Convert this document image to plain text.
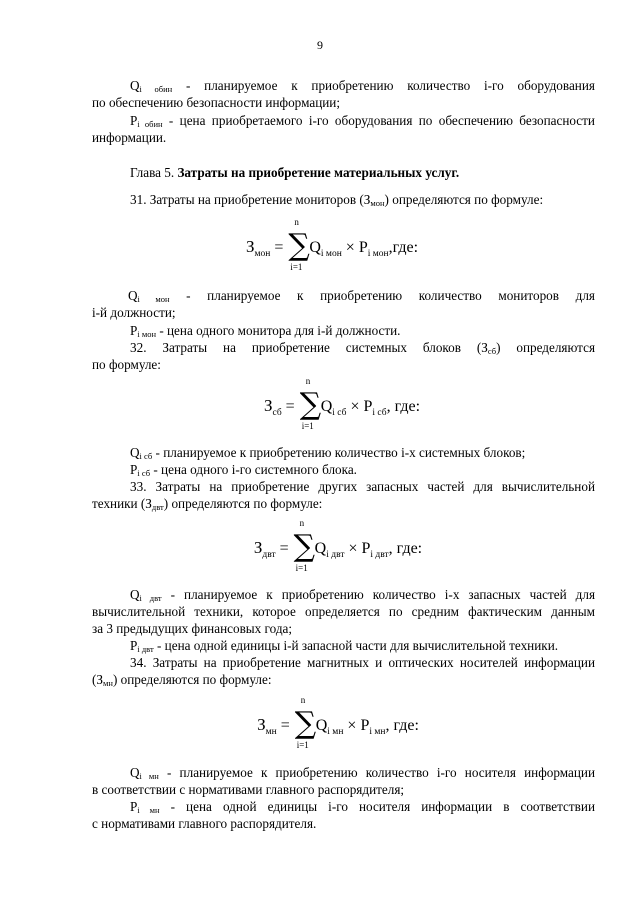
9

$Q_{i обин}$ - планируемое к приобретению количество i-го оборудования

по обеспечению безопасности информации;

$P_{i обин}$ - цена приобретаемого i-го оборудования по обеспечению безопасности

информации.

Глава 5. Затраты на приобретение материальных услуг.

31. Затраты на приобретение мониторов $(З_{мон})$ определяются по формуле:

$З_{мон}$ =
n
∑
i=1
$Q_{i мон} \times P_{i мон},где$:

$Q_{i мон}$ - планируемое к приобретению количество мониторов для

i-й должности;

$P_{i мон}$ - цена одного монитора для i-й должности.

32. Затраты на приобретение системных блоков $(З_{сб})$ определяются

по формуле:

$З_{сб}$ =
n
∑
i=1
$Q_{i сб} \times P_{i сб}$, где:

$Q_{i сб}$ - планируемое к приобретению количество i-х системных блоков;

$P_{i сб}$ - цена одного i-го системного блока.

33. Затраты на приобретение других запасных частей для вычислительной

техники $(З_{двт})$ определяются по формуле:

$З_{двт}$ =
n
∑
i=1
$Q_{i двт} \times P_{i двт}$, где:

$Q_{i двт}$ - планируемое к приобретению количество i-х запасных частей для

вычислительной техники, которое определяется по средним фактическим данным

за 3 предыдущих финансовых года;

$P_{i двт}$ - цена одной единицы i-й запасной части для вычислительной техники.

34. Затраты на приобретение магнитных и оптических носителей информации

$(З_{мн})$ определяются по формуле:

$З_{мн}$ =
n
∑
i=1
$Q_{i мн} \times P_{i мн}$, где:

$Q_{i мн}$ - планируемое к приобретению количество i-го носителя информации

в соответствии с нормативами главного распорядителя;

$P_{i мн}$ - цена одной единицы i-го носителя информации в соответствии

с нормативами главного распорядителя.
